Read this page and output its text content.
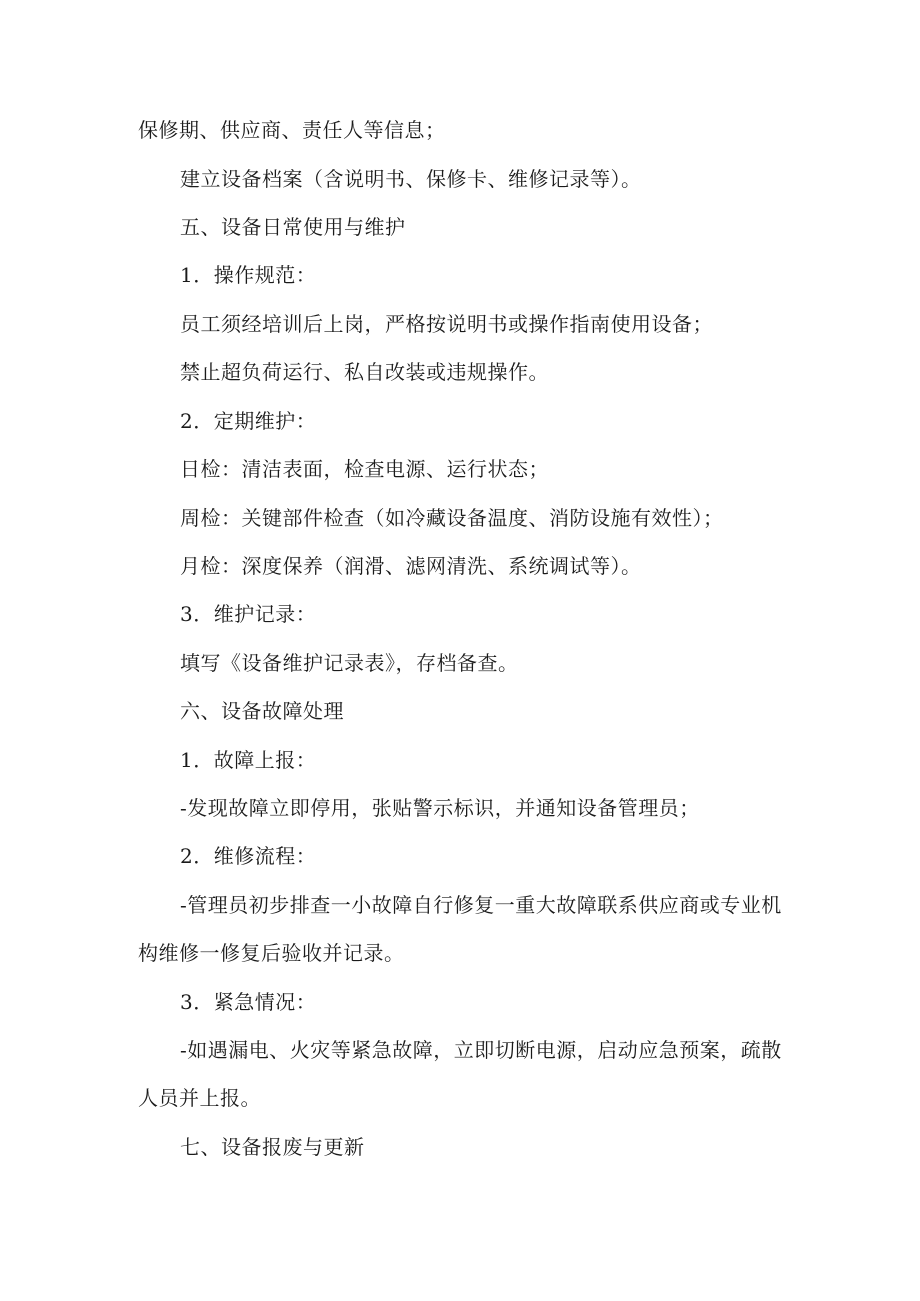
保修期、供应商、责任人等信息；
建立设备档案（含说明书、保修卡、维修记录等）。
五、设备日常使用与维护
1．操作规范：
员工须经培训后上岗，严格按说明书或操作指南使用设备；
禁止超负荷运行、私自改装或违规操作。
2．定期维护：
日检：清洁表面，检查电源、运行状态；
周检：关键部件检查（如冷藏设备温度、消防设施有效性）；
月检：深度保养（润滑、滤网清洗、系统调试等）。
3．维护记录：
填写《设备维护记录表》，存档备查。
六、设备故障处理
1．故障上报：
-发现故障立即停用，张贴警示标识，并通知设备管理员；
2．维修流程：
-管理员初步排查一小故障自行修复一重大故障联系供应商或专业机
构维修一修复后验收并记录。
3．紧急情况：
-如遇漏电、火灾等紧急故障，立即切断电源，启动应急预案，疏散
人员并上报。
七、设备报废与更新
